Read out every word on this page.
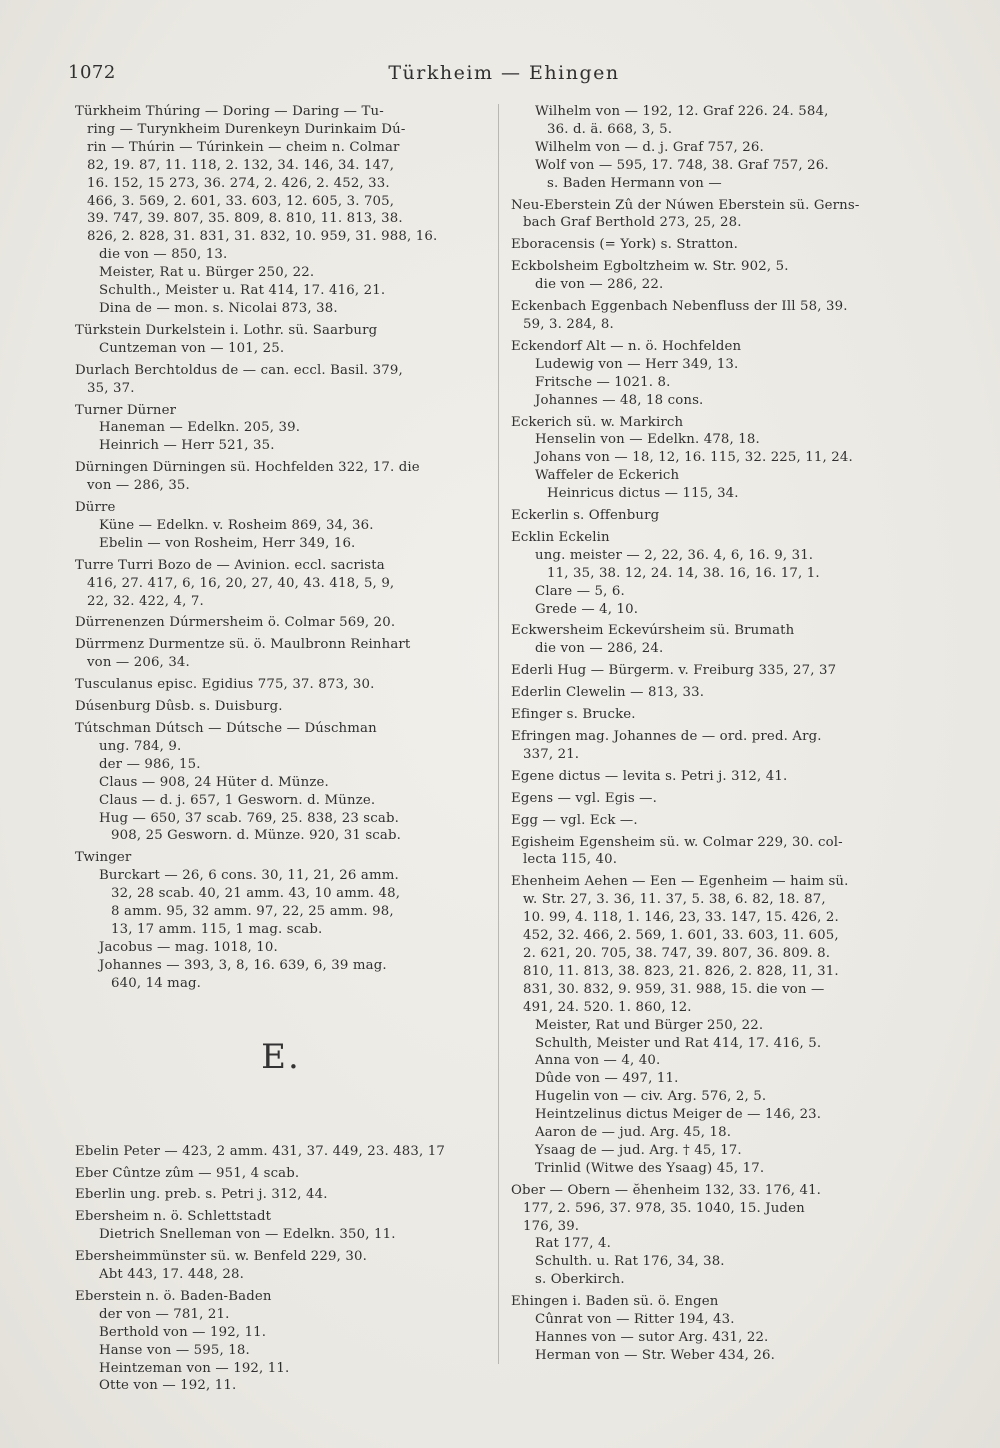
1072	Türkheim — Ehingen
Türkheim Thúring — Doring — Daring — Tu-
ring — Turynkheim Durenkeyn Durinkaim Dú-
rin — Thúrin — Túrinkein — cheim n. Colmar
82, 19. 87, 11. 118, 2. 132, 34. 146, 34. 147,
16. 152, 15 273, 36. 274, 2. 426, 2. 452, 33.
466, 3. 569, 2. 601, 33. 603, 12. 605, 3. 705,
39. 747, 39. 807, 35. 809, 8. 810, 11. 813, 38.
826, 2. 828, 31. 831, 31. 832, 10. 959, 31. 988, 16.
die von — 850, 13.
Meister, Rat u. Bürger 250, 22.
Schulth., Meister u. Rat 414, 17. 416, 21.
Dina de — mon. s. Nicolai 873, 38.
Türkstein Durkelstein i. Lothr. sü. Saarburg
Cuntzeman von — 101, 25.
Durlach Berchtoldus de — can. eccl. Basil. 379,
35, 37.
Turner Dürner
Haneman — Edelkn. 205, 39.
Heinrich — Herr 521, 35.
Dürningen Dürningen sü. Hochfelden 322, 17. die
von — 286, 35.
Dürre
Küne — Edelkn. v. Rosheim 869, 34, 36.
Ebelin — von Rosheim, Herr 349, 16.
Turre Turri Bozo de — Avinion. eccl. sacrista
416, 27. 417, 6, 16, 20, 27, 40, 43. 418, 5, 9,
22, 32. 422, 4, 7.
Dürrenenzen Dúrmersheim ö. Colmar 569, 20.
Dürrmenz Durmentze sü. ö. Maulbronn Reinhart
von — 206, 34.
Tusculanus episc. Egidius 775, 37. 873, 30.
Dúsenburg Dûsb. s. Duisburg.
Tútschman Dútsch — Dútsche — Dúschman
ung. 784, 9.
der — 986, 15.
Claus — 908, 24 Hüter d. Münze.
Claus — d. j. 657, 1 Gesworn. d. Münze.
Hug — 650, 37 scab. 769, 25. 838, 23 scab.
908, 25 Gesworn. d. Münze. 920, 31 scab.
Twinger
Burckart — 26, 6 cons. 30, 11, 21, 26 amm.
32, 28 scab. 40, 21 amm. 43, 10 amm. 48,
8 amm. 95, 32 amm. 97, 22, 25 amm. 98,
13, 17 amm. 115, 1 mag. scab.
Jacobus — mag. 1018, 10.
Johannes — 393, 3, 8, 16. 639, 6, 39 mag.
640, 14 mag.
E.
Ebelin Peter — 423, 2 amm. 431, 37. 449, 23. 483, 17
Eber Cûntze zûm — 951, 4 scab.
Eberlin ung. preb. s. Petri j. 312, 44.
Ebersheim n. ö. Schlettstadt
Dietrich Snelleman von — Edelkn. 350, 11.
Ebersheimmünster sü. w. Benfeld 229, 30.
Abt 443, 17. 448, 28.
Eberstein n. ö. Baden-Baden
der von — 781, 21.
Berthold von — 192, 11.
Hanse von — 595, 18.
Heintzeman von — 192, 11.
Otte von — 192, 11.
Wilhelm von — 192, 12. Graf 226. 24. 584,
36. d. ä. 668, 3, 5.
Wilhelm von — d. j. Graf 757, 26.
Wolf von — 595, 17. 748, 38. Graf 757, 26.
s. Baden Hermann von —
Neu-Eberstein Zû der Núwen Eberstein sü. Gerns-
bach Graf Berthold 273, 25, 28.
Eboracensis (= York) s. Stratton.
Eckbolsheim Egboltzheim w. Str. 902, 5.
die von — 286, 22.
Eckenbach Eggenbach Nebenfluss der Ill 58, 39.
59, 3. 284, 8.
Eckendorf Alt — n. ö. Hochfelden
Ludewig von — Herr 349, 13.
Fritsche — 1021. 8.
Johannes — 48, 18 cons.
Eckerich sü. w. Markirch
Henselin von — Edelkn. 478, 18.
Johans von — 18, 12, 16. 115, 32. 225, 11, 24.
Waffeler de Eckerich
Heinricus dictus — 115, 34.
Eckerlin s. Offenburg
Ecklin Eckelin
ung. meister — 2, 22, 36. 4, 6, 16. 9, 31.
11, 35, 38. 12, 24. 14, 38. 16, 16. 17, 1.
Clare — 5, 6.
Grede — 4, 10.
Eckwersheim Eckevúrsheim sü. Brumath
die von — 286, 24.
Ederli Hug — Bürgerm. v. Freiburg 335, 27, 37
Ederlin Clewelin — 813, 33.
Efinger s. Brucke.
Efringen mag. Johannes de — ord. pred. Arg.
337, 21.
Egene dictus — levita s. Petri j. 312, 41.
Egens — vgl. Egis —.
Egg — vgl. Eck —.
Egisheim Egensheim sü. w. Colmar 229, 30. col-
lecta 115, 40.
Ehenheim Aehen — Een — Egenheim — haim sü.
w. Str. 27, 3. 36, 11. 37, 5. 38, 6. 82, 18. 87,
10. 99, 4. 118, 1. 146, 23, 33. 147, 15. 426, 2.
452, 32. 466, 2. 569, 1. 601, 33. 603, 11. 605,
2. 621, 20. 705, 38. 747, 39. 807, 36. 809. 8.
810, 11. 813, 38. 823, 21. 826, 2. 828, 11, 31.
831, 30. 832, 9. 959, 31. 988, 15. die von —
491, 24. 520. 1. 860, 12.
Meister, Rat und Bürger 250, 22.
Schulth, Meister und Rat 414, 17. 416, 5.
Anna von — 4, 40.
Dûde von — 497, 11.
Hugelin von — civ. Arg. 576, 2, 5.
Heintzelinus dictus Meiger de — 146, 23.
Aaron de — jud. Arg. 45, 18.
Ysaag de — jud. Arg. † 45, 17.
Trinlid (Witwe des Ysaag) 45, 17.
Ober — Obern — ĕhenheim 132, 33. 176, 41.
177, 2. 596, 37. 978, 35. 1040, 15. Juden
176, 39.
Rat 177, 4.
Schulth. u. Rat 176, 34, 38.
s. Oberkirch.
Ehingen i. Baden sü. ö. Engen
Cûnrat von — Ritter 194, 43.
Hannes von — sutor Arg. 431, 22.
Herman von — Str. Weber 434, 26.
